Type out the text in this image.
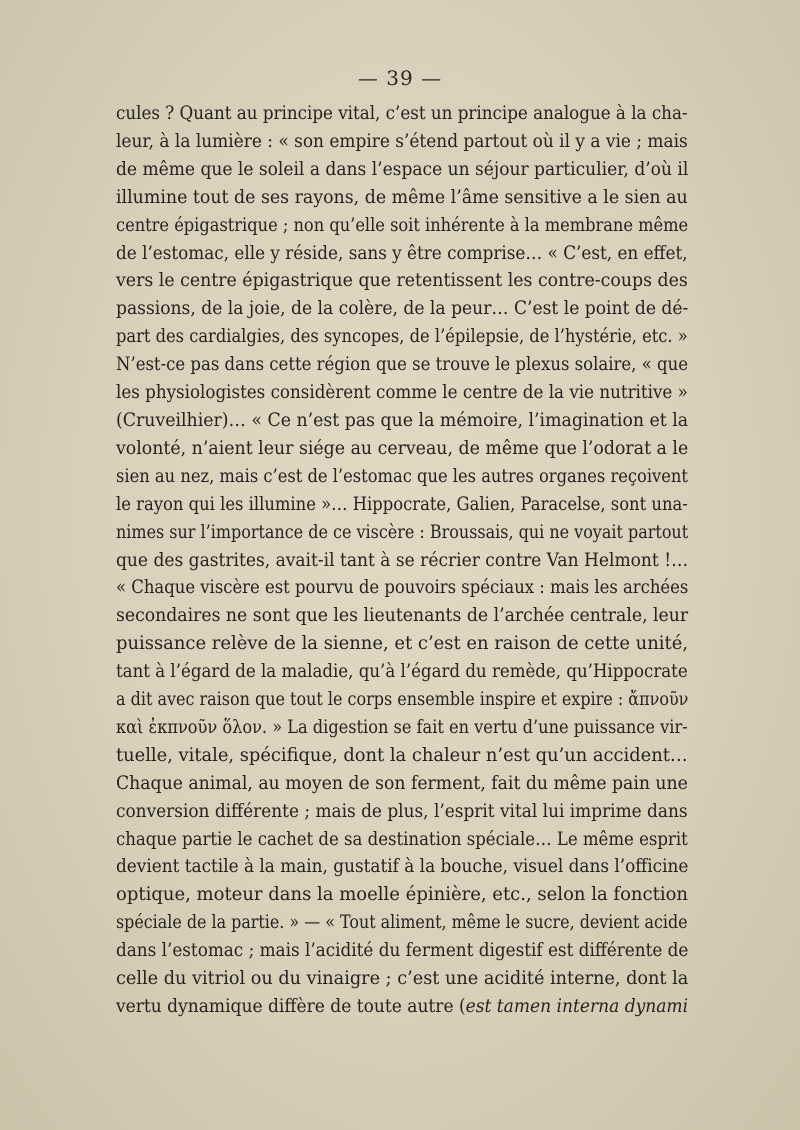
— 39 —
cules ? Quant au principe vital, c’est un principe analogue à la cha-
leur, à la lumière : « son empire s’étend partout où il y a vie ; mais
de même que le soleil a dans l’espace un séjour particulier, d’où il
illumine tout de ses rayons, de même l’âme sensitive a le sien au
centre épigastrique ; non qu’elle soit inhérente à la membrane même
de l’estomac, elle y réside, sans y être comprise… « C’est, en effet,
vers le centre épigastrique que retentissent les contre-coups des
passions, de la joie, de la colère, de la peur… C’est le point de dé-
part des cardialgies, des syncopes, de l’épilepsie, de l’hystérie, etc. »
N’est-ce pas dans cette région que se trouve le plexus solaire, « que
les physiologistes considèrent comme le centre de la vie nutritive »
(Cruveilhier)… « Ce n’est pas que la mémoire, l’imagination et la
volonté, n’aient leur siége au cerveau, de même que l’odorat a le
sien au nez, mais c’est de l’estomac que les autres organes reçoivent
le rayon qui les illumine »… Hippocrate, Galien, Paracelse, sont una-
nimes sur l’importance de ce viscère : Broussais, qui ne voyait partout
que des gastrites, avait-il tant à se récrier contre Van Helmont !…
« Chaque viscère est pourvu de pouvoirs spéciaux : mais les archées
secondaires ne sont que les lieutenants de l’archée centrale, leur
puissance relève de la sienne, et c’est en raison de cette unité,
tant à l’égard de la maladie, qu’à l’égard du remède, qu’Hippocrate
a dit avec raison que tout le corps ensemble inspire et expire : ἄπνοῦν
καὶ ἐκπνοῦν ὅλον. » La digestion se fait en vertu d’une puissance vir-
tuelle, vitale, spécifique, dont la chaleur n’est qu’un accident…
Chaque animal, au moyen de son ferment, fait du même pain une
conversion différente ; mais de plus, l’esprit vital lui imprime dans
chaque partie le cachet de sa destination spéciale… Le même esprit
devient tactile à la main, gustatif à la bouche, visuel dans l’officine
optique, moteur dans la moelle épinière, etc., selon la fonction
spéciale de la partie. » — « Tout aliment, même le sucre, devient acide
dans l’estomac ; mais l’acidité du ferment digestif est différente de
celle du vitriol ou du vinaigre ; c’est une acidité interne, dont la
vertu dynamique diffère de toute autre (est tamen interna dynami
